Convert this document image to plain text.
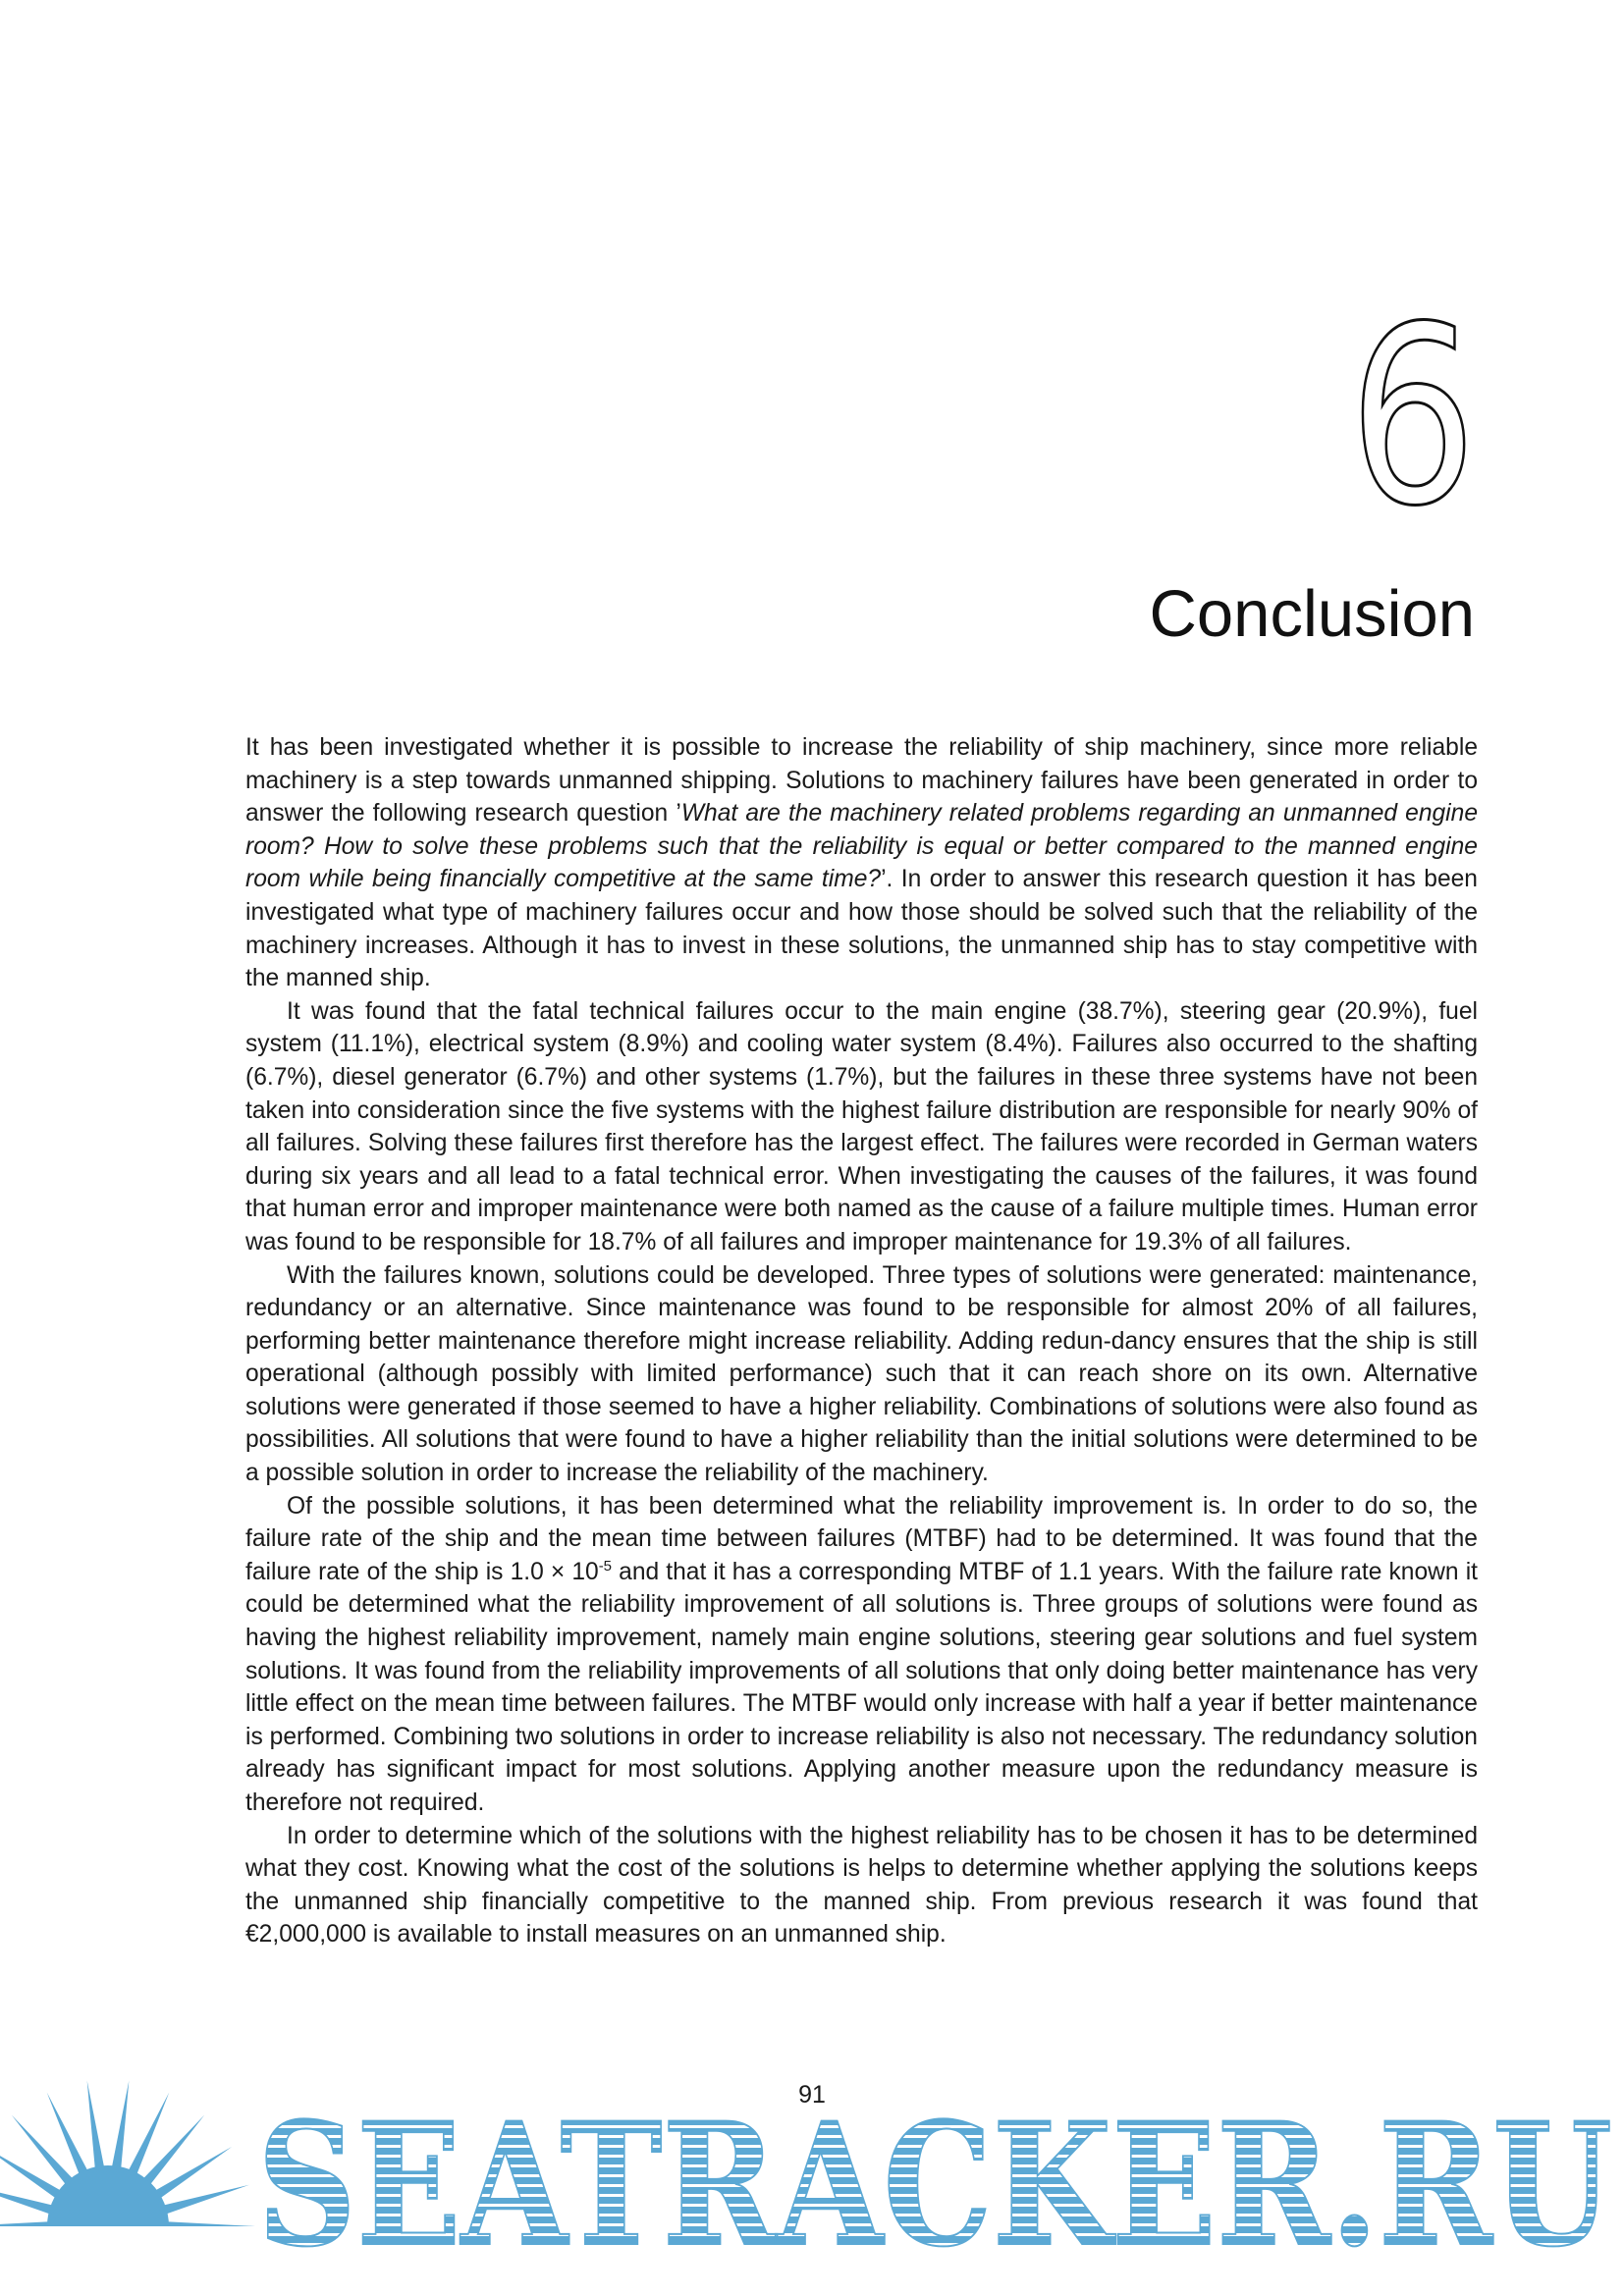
6
Conclusion

It has been investigated whether it is possible to increase the reliability of ship machinery, since more reliable machinery is a step towards unmanned shipping. Solutions to machinery failures have been generated in order to answer the following research question ’What are the machinery related problems regarding an unmanned engine room? How to solve these problems such that the reliability is equal or better compared to the manned engine room while being financially competitive at the same time?’. In order to answer this research question it has been investigated what type of machinery failures occur and how those should be solved such that the reliability of the machinery increases. Although it has to invest in these solutions, the unmanned ship has to stay competitive with the manned ship.

It was found that the fatal technical failures occur to the main engine (38.7%), steering gear (20.9%), fuel system (11.1%), electrical system (8.9%) and cooling water system (8.4%). Failures also occurred to the shafting (6.7%), diesel generator (6.7%) and other systems (1.7%), but the failures in these three systems have not been taken into consideration since the five systems with the highest failure distribution are responsible for nearly 90% of all failures. Solving these failures first therefore has the largest effect. The failures were recorded in German waters during six years and all lead to a fatal technical error. When investigating the causes of the failures, it was found that human error and improper maintenance were both named as the cause of a failure multiple times. Human error was found to be responsible for 18.7% of all failures and improper maintenance for 19.3% of all failures.

With the failures known, solutions could be developed. Three types of solutions were generated: maintenance, redundancy or an alternative. Since maintenance was found to be responsible for almost 20% of all failures, performing better maintenance therefore might increase reliability. Adding redun-dancy ensures that the ship is still operational (although possibly with limited performance) such that it can reach shore on its own. Alternative solutions were generated if those seemed to have a higher reliability. Combinations of solutions were also found as possibilities. All solutions that were found to have a higher reliability than the initial solutions were determined to be a possible solution in order to increase the reliability of the machinery.

Of the possible solutions, it has been determined what the reliability improvement is. In order to do so, the failure rate of the ship and the mean time between failures (MTBF) had to be determined. It was found that the failure rate of the ship is $1.0 \times 10^{-5}$ and that it has a corresponding MTBF of 1.1 years. With the failure rate known it could be determined what the reliability improvement of all solutions is. Three groups of solutions were found as having the highest reliability improvement, namely main engine solutions, steering gear solutions and fuel system solutions. It was found from the reliability improvements of all solutions that only doing better maintenance has very little effect on the mean time between failures. The MTBF would only increase with half a year if better maintenance is performed. Combining two solutions in order to increase reliability is also not necessary. The redundancy solution already has significant impact for most solutions. Applying another measure upon the redundancy measure is therefore not required.

In order to determine which of the solutions with the highest reliability has to be chosen it has to be determined what they cost. Knowing what the cost of the solutions is helps to determine whether applying the solutions keeps the unmanned ship financially competitive to the manned ship. From previous research it was found that €2,000,000 is available to install measures on an unmanned ship.

91
SEATRACKER.RU
